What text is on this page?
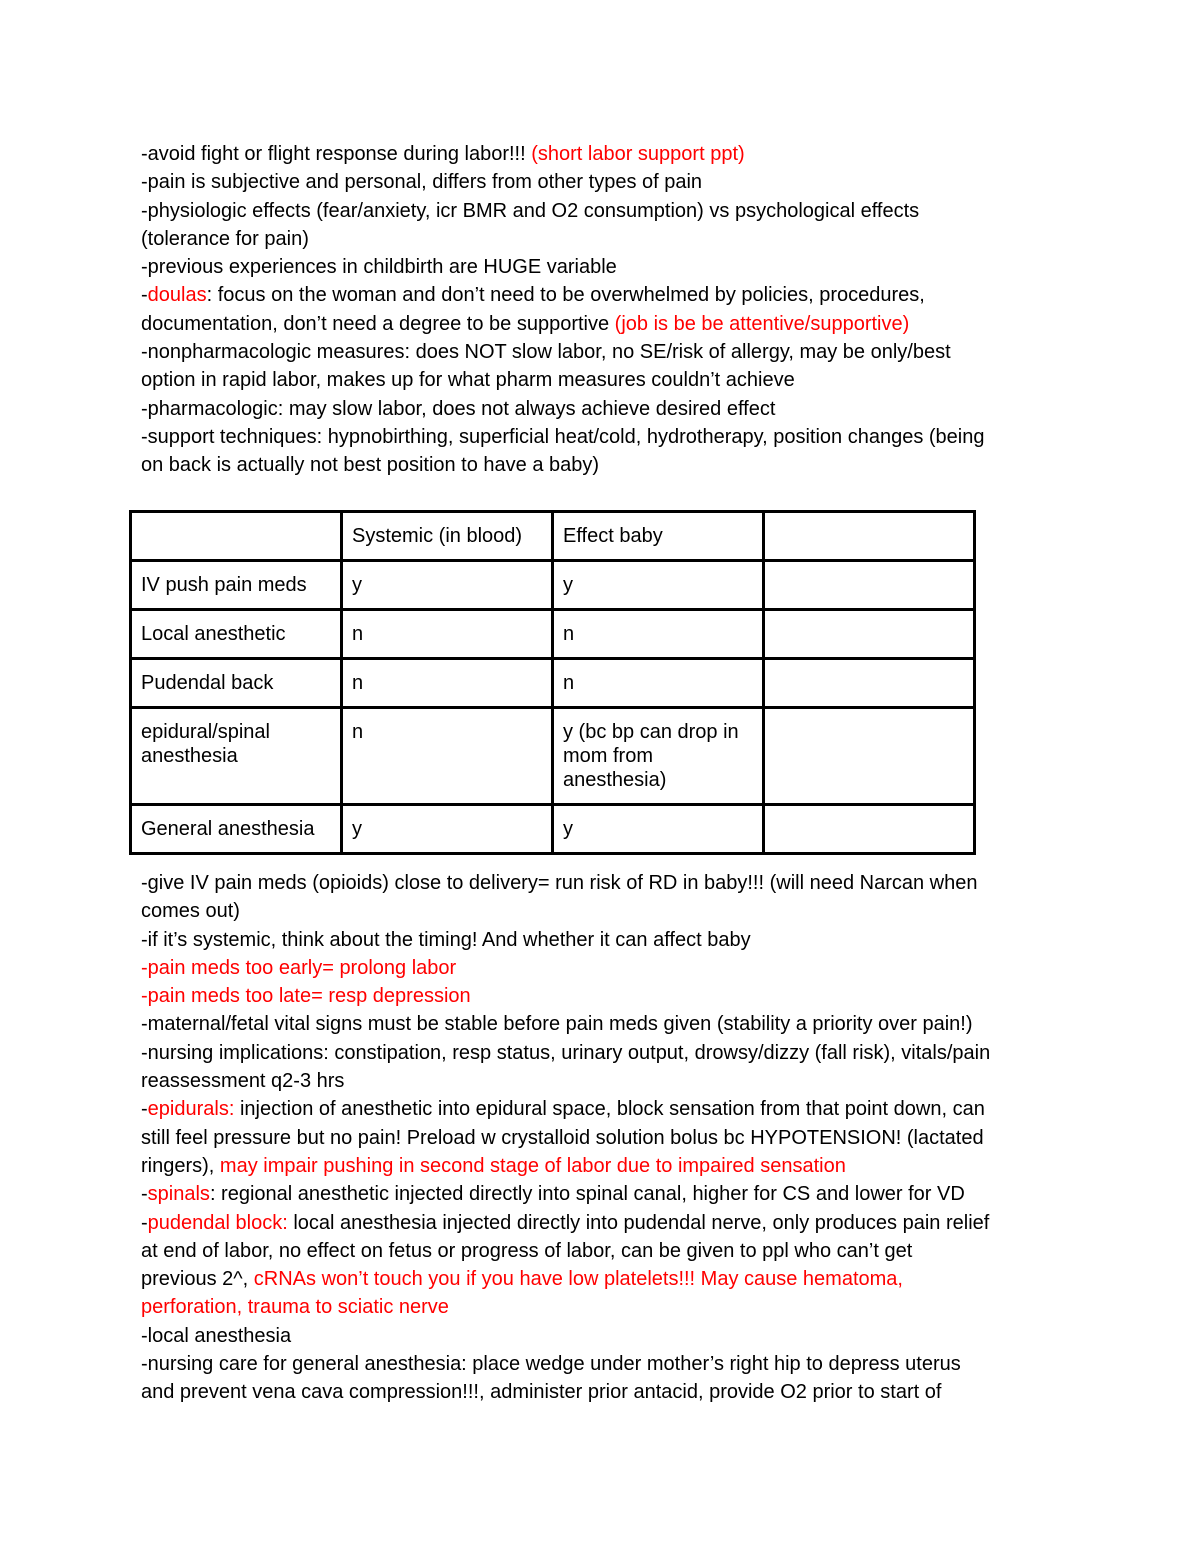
-avoid fight or flight response during labor!!! (short labor support ppt)
-pain is subjective and personal, differs from other types of pain
-physiologic effects (fear/anxiety, icr BMR and O2 consumption) vs psychological effects
(tolerance for pain)
-previous experiences in childbirth are HUGE variable
-doulas: focus on the woman and don’t need to be overwhelmed by policies, procedures,
documentation, don’t need a degree to be supportive (job is be be attentive/supportive)
-nonpharmacologic measures: does NOT slow labor, no SE/risk of allergy, may be only/best
option in rapid labor, makes up for what pharm measures couldn’t achieve
-pharmacologic: may slow labor, does not always achieve desired effect
-support techniques: hypnobirthing, superficial heat/cold, hydrotherapy, position changes (being
on back is actually not best position to have a baby)

	Systemic (in blood)	Effect baby	

IV push pain meds	y	y	

Local anesthetic	n	n	

Pudendal back	n	n	

epidural/spinal anesthesia	n	y (bc bp can drop in mom from anesthesia)	

General anesthesia	y	y	

-give IV pain meds (opioids) close to delivery= run risk of RD in baby!!! (will need Narcan when
comes out)
-if it’s systemic, think about the timing! And whether it can affect baby
-pain meds too early= prolong labor
-pain meds too late= resp depression
-maternal/fetal vital signs must be stable before pain meds given (stability a priority over pain!)
-nursing implications: constipation, resp status, urinary output, drowsy/dizzy (fall risk), vitals/pain
reassessment q2-3 hrs
-epidurals: injection of anesthetic into epidural space, block sensation from that point down, can
still feel pressure but no pain! Preload w crystalloid solution bolus bc HYPOTENSION! (lactated
ringers), may impair pushing in second stage of labor due to impaired sensation
-spinals: regional anesthetic injected directly into spinal canal, higher for CS and lower for VD
-pudendal block: local anesthesia injected directly into pudendal nerve, only produces pain relief
at end of labor, no effect on fetus or progress of labor, can be given to ppl who can’t get
previous 2^, cRNAs won’t touch you if you have low platelets!!! May cause hematoma,
perforation, trauma to sciatic nerve
-local anesthesia
-nursing care for general anesthesia: place wedge under mother’s right hip to depress uterus
and prevent vena cava compression!!!, administer prior antacid, provide O2 prior to start of
